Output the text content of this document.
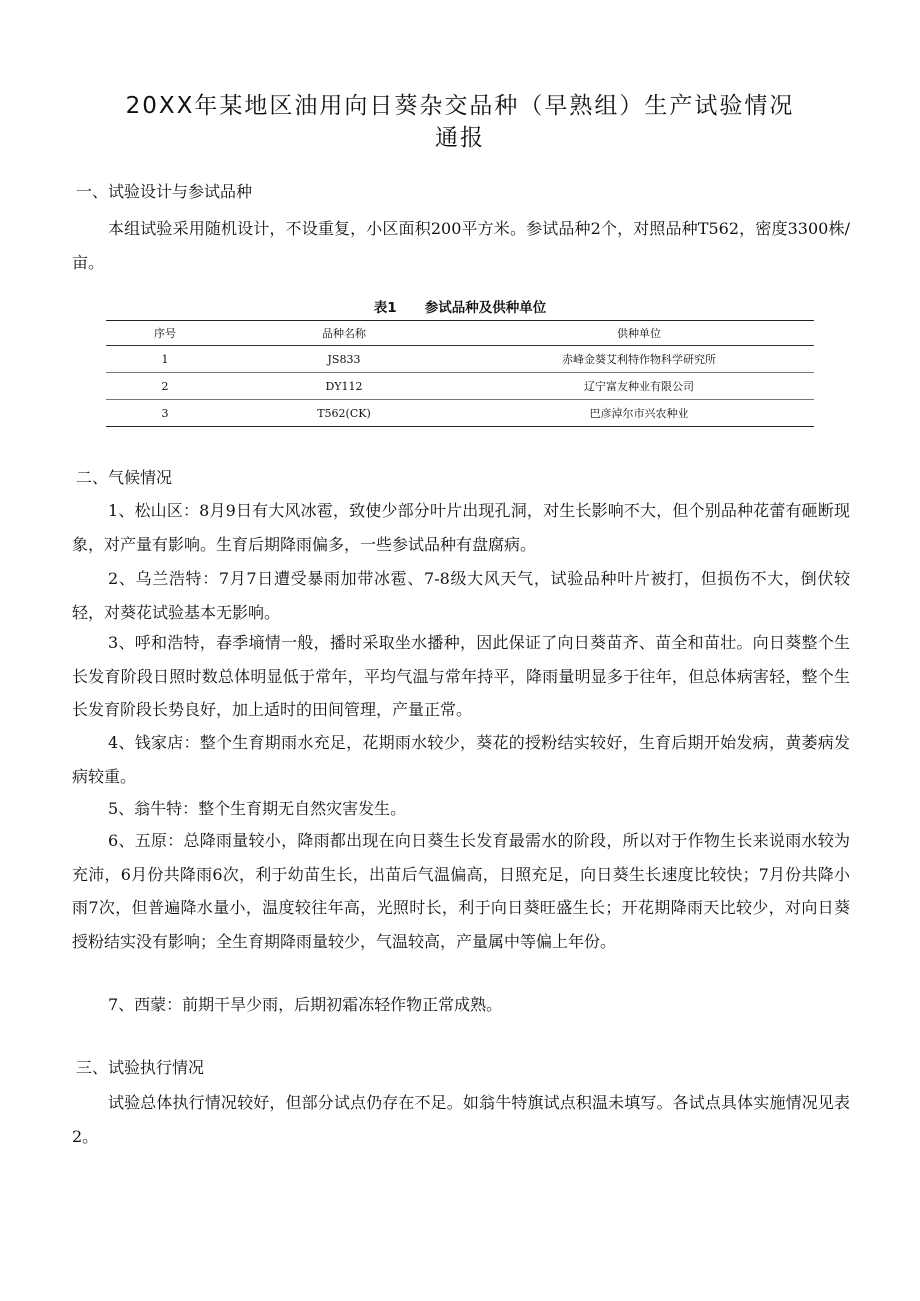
20XX年某地区油用向日葵杂交品种（早熟组）生产试验情况
通报
一、试验设计与参试品种
本组试验采用随机设计，不设重复，小区面积200平方米。参试品种2个，对照品种T562，密度3300株/亩。
表1 参试品种及供种单位
序号	品种名称	供种单位
1	JS833	赤峰金葵艾利特作物科学研究所
2	DY112	辽宁富友种业有限公司
3	T562(CK)	巴彦淖尔市兴农种业
二、气候情况
1、松山区：8月9日有大风冰雹，致使少部分叶片出现孔洞，对生长影响不大，但个别品种花蕾有砸断现象，对产量有影响。生育后期降雨偏多，一些参试品种有盘腐病。
2、乌兰浩特：7月7日遭受暴雨加带冰雹、7-8级大风天气，试验品种叶片被打，但损伤不大，倒伏较轻，对葵花试验基本无影响。
3、呼和浩特，春季墒情一般，播时采取坐水播种，因此保证了向日葵苗齐、苗全和苗壮。向日葵整个生长发育阶段日照时数总体明显低于常年，平均气温与常年持平，降雨量明显多于往年，但总体病害轻，整个生长发育阶段长势良好，加上适时的田间管理，产量正常。
4、钱家店：整个生育期雨水充足，花期雨水较少，葵花的授粉结实较好，生育后期开始发病，黄萎病发病较重。
5、翁牛特：整个生育期无自然灾害发生。
6、五原：总降雨量较小，降雨都出现在向日葵生长发育最需水的阶段，所以对于作物生长来说雨水较为充沛，6月份共降雨6次，利于幼苗生长，出苗后气温偏高，日照充足，向日葵生长速度比较快；7月份共降小雨7次，但普遍降水量小，温度较往年高，光照时长，利于向日葵旺盛生长；开花期降雨天比较少，对向日葵授粉结实没有影响；全生育期降雨量较少，气温较高，产量属中等偏上年份。
7、西蒙：前期干旱少雨，后期初霜冻轻作物正常成熟。
三、试验执行情况
试验总体执行情况较好，但部分试点仍存在不足。如翁牛特旗试点积温未填写。各试点具体实施情况见表2。
